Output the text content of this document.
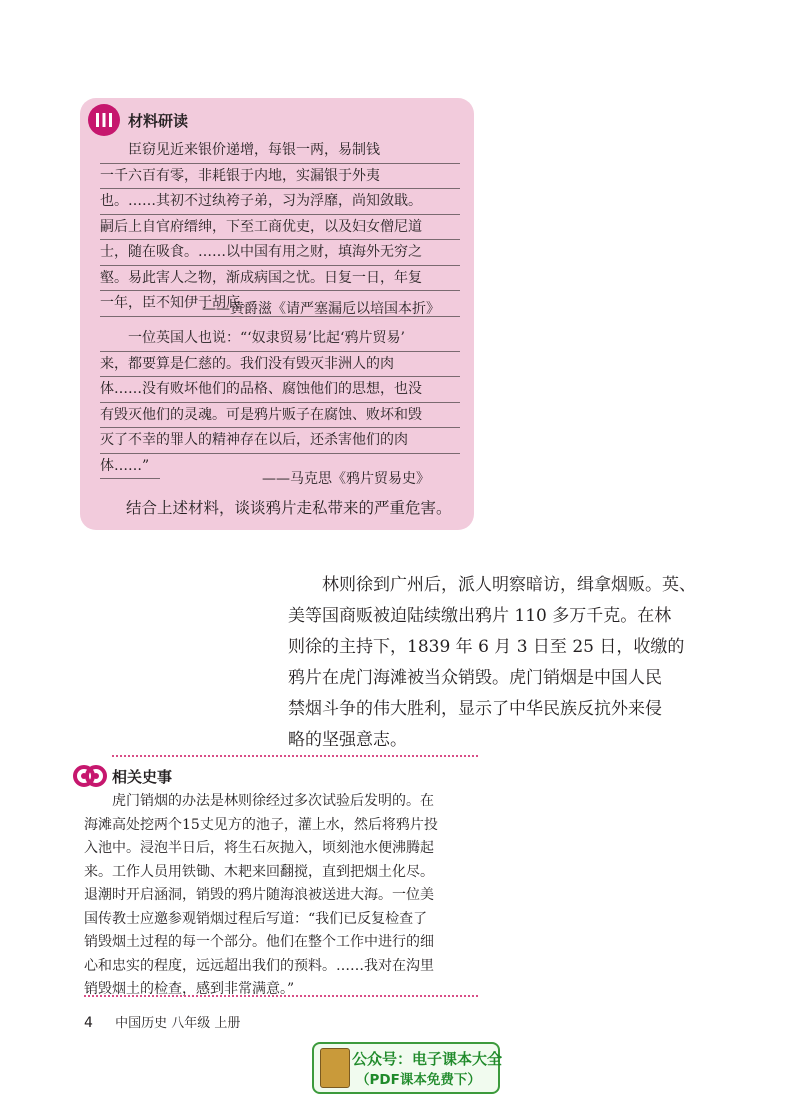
材料研读
臣窃见近来银价递增，每银一两，易制钱
一千六百有零，非耗银于内地，实漏银于外夷
也。……其初不过纨袴子弟，习为浮靡，尚知敛戢。
嗣后上自官府缙绅，下至工商优吏，以及妇女僧尼道
士，随在吸食。……以中国有用之财，填海外无穷之
壑。易此害人之物，渐成病国之忧。日复一日，年复
一年，臣不知伊于胡底。
——黄爵滋《请严塞漏卮以培国本折》
一位英国人也说：“‘奴隶贸易’比起‘鸦片贸易’
来，都要算是仁慈的。我们没有毁灭非洲人的肉
体……没有败坏他们的品格、腐蚀他们的思想，也没
有毁灭他们的灵魂。可是鸦片贩子在腐蚀、败坏和毁
灭了不幸的罪人的精神存在以后，还杀害他们的肉
体……”
——马克思《鸦片贸易史》
结合上述材料，谈谈鸦片走私带来的严重危害。
林则徐到广州后，派人明察暗访，缉拿烟贩。英、
美等国商贩被迫陆续缴出鸦片 110 多万千克。在林
则徐的主持下，1839 年 6 月 3 日至 25 日，收缴的
鸦片在虎门海滩被当众销毁。虎门销烟是中国人民
禁烟斗争的伟大胜利，显示了中华民族反抗外来侵
略的坚强意志。
相关史事
虎门销烟的办法是林则徐经过多次试验后发明的。在
海滩高处挖两个15丈见方的池子，灌上水，然后将鸦片投
入池中。浸泡半日后，将生石灰抛入，顷刻池水便沸腾起
来。工作人员用铁锄、木耙来回翻搅，直到把烟土化尽。
退潮时开启涵洞，销毁的鸦片随海浪被送进大海。一位美
国传教士应邀参观销烟过程后写道：“我们已反复检查了
销毁烟土过程的每一个部分。他们在整个工作中进行的细
心和忠实的程度，远远超出我们的预料。……我对在沟里
销毁烟土的检查，感到非常满意。”
4 中国历史 八年级 上册
公众号：电子课本大全
（PDF课本免费下）
